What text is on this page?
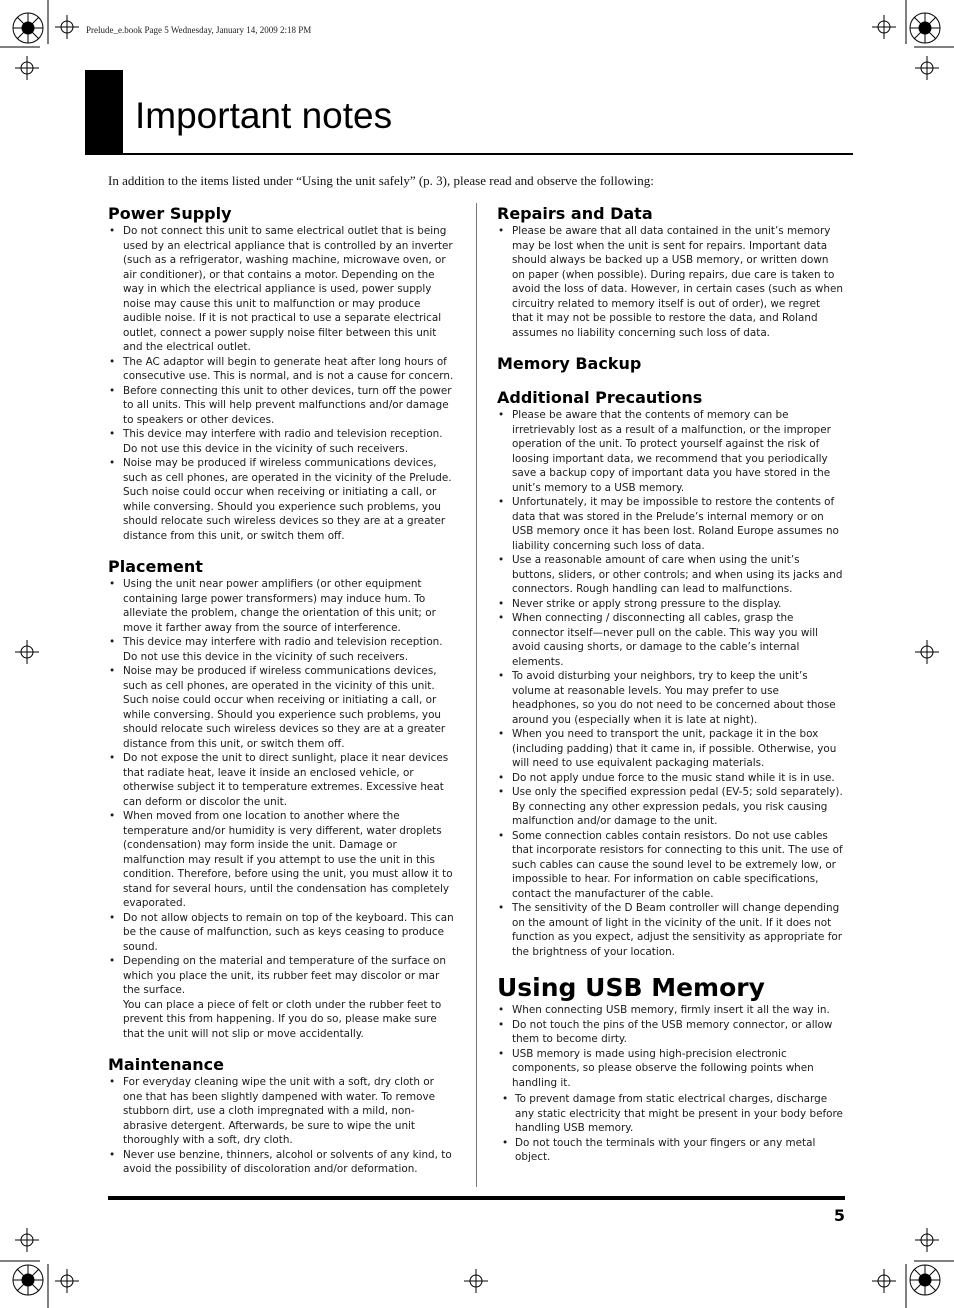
Prelude_e.book Page 5 Wednesday, January 14, 2009 2:18 PM
Important notes

In addition to the items listed under “Using the unit safely” (p. 3), please read and observe the following:

Power Supply
• Do not connect this unit to same electrical outlet that is being used by an electrical appliance that is controlled by an inverter (such as a refrigerator, washing machine, microwave oven, or air conditioner), or that contains a motor. Depending on the way in which the electrical appliance is used, power supply noise may cause this unit to malfunction or may produce audible noise. If it is not practical to use a separate electrical outlet, connect a power supply noise filter between this unit and the electrical outlet.
• The AC adaptor will begin to generate heat after long hours of consecutive use. This is normal, and is not a cause for concern.
• Before connecting this unit to other devices, turn off the power to all units. This will help prevent malfunctions and/or damage to speakers or other devices.
• This device may interfere with radio and television reception. Do not use this device in the vicinity of such receivers.
• Noise may be produced if wireless communications devices, such as cell phones, are operated in the vicinity of the Prelude. Such noise could occur when receiving or initiating a call, or while conversing. Should you experience such problems, you should relocate such wireless devices so they are at a greater distance from this unit, or switch them off.
Placement
• Using the unit near power amplifiers (or other equipment containing large power transformers) may induce hum. To alleviate the problem, change the orientation of this unit; or move it farther away from the source of interference.
• This device may interfere with radio and television reception. Do not use this device in the vicinity of such receivers.
• Noise may be produced if wireless communications devices, such as cell phones, are operated in the vicinity of this unit. Such noise could occur when receiving or initiating a call, or while conversing. Should you experience such problems, you should relocate such wireless devices so they are at a greater distance from this unit, or switch them off.
• Do not expose the unit to direct sunlight, place it near devices that radiate heat, leave it inside an enclosed vehicle, or otherwise subject it to temperature extremes. Excessive heat can deform or discolor the unit.
• When moved from one location to another where the temperature and/or humidity is very different, water droplets (condensation) may form inside the unit. Damage or malfunction may result if you attempt to use the unit in this condition. Therefore, before using the unit, you must allow it to stand for several hours, until the condensation has completely evaporated.
• Do not allow objects to remain on top of the keyboard. This can be the cause of malfunction, such as keys ceasing to produce sound.
• Depending on the material and temperature of the surface on which you place the unit, its rubber feet may discolor or mar the surface.
You can place a piece of felt or cloth under the rubber feet to prevent this from happening. If you do so, please make sure that the unit will not slip or move accidentally.
Maintenance
• For everyday cleaning wipe the unit with a soft, dry cloth or one that has been slightly dampened with water. To remove stubborn dirt, use a cloth impregnated with a mild, non-abrasive detergent. Afterwards, be sure to wipe the unit thoroughly with a soft, dry cloth.
• Never use benzine, thinners, alcohol or solvents of any kind, to avoid the possibility of discoloration and/or deformation.
Repairs and Data
• Please be aware that all data contained in the unit’s memory may be lost when the unit is sent for repairs. Important data should always be backed up a USB memory, or written down on paper (when possible). During repairs, due care is taken to avoid the loss of data. However, in certain cases (such as when circuitry related to memory itself is out of order), we regret that it may not be possible to restore the data, and Roland assumes no liability concerning such loss of data.
Memory Backup
Additional Precautions
• Please be aware that the contents of memory can be irretrievably lost as a result of a malfunction, or the improper operation of the unit. To protect yourself against the risk of loosing important data, we recommend that you periodically save a backup copy of important data you have stored in the unit’s memory to a USB memory.
• Unfortunately, it may be impossible to restore the contents of data that was stored in the Prelude’s internal memory or on USB memory once it has been lost. Roland Europe assumes no liability concerning such loss of data.
• Use a reasonable amount of care when using the unit’s buttons, sliders, or other controls; and when using its jacks and connectors. Rough handling can lead to malfunctions.
• Never strike or apply strong pressure to the display.
• When connecting / disconnecting all cables, grasp the connector itself—never pull on the cable. This way you will avoid causing shorts, or damage to the cable’s internal elements.
• To avoid disturbing your neighbors, try to keep the unit’s volume at reasonable levels. You may prefer to use headphones, so you do not need to be concerned about those around you (especially when it is late at night).
• When you need to transport the unit, package it in the box (including padding) that it came in, if possible. Otherwise, you will need to use equivalent packaging materials.
• Do not apply undue force to the music stand while it is in use.
• Use only the specified expression pedal (EV-5; sold separately). By connecting any other expression pedals, you risk causing malfunction and/or damage to the unit.
• Some connection cables contain resistors. Do not use cables that incorporate resistors for connecting to this unit. The use of such cables can cause the sound level to be extremely low, or impossible to hear. For information on cable specifications, contact the manufacturer of the cable.
• The sensitivity of the D Beam controller will change depending on the amount of light in the vicinity of the unit. If it does not function as you expect, adjust the sensitivity as appropriate for the brightness of your location.
Using USB Memory
• When connecting USB memory, firmly insert it all the way in.
• Do not touch the pins of the USB memory connector, or allow them to become dirty.
• USB memory is made using high-precision electronic components, so please observe the following points when handling it.
• To prevent damage from static electrical charges, discharge any static electricity that might be present in your body before handling USB memory.
• Do not touch the terminals with your fingers or any metal object.
5
